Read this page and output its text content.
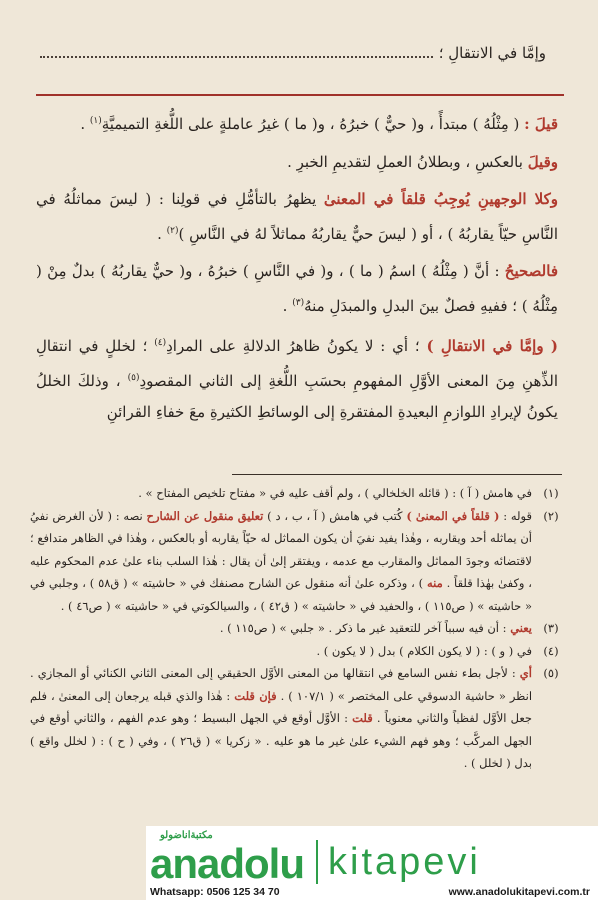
وإمَّا في الانتقالِ ؛

قيلَ : ( مِثْلُهُ ) مبتدأً ، و( حيٌّ ) خبرُهُ ، و( ما ) غيرُ عاملةٍ على اللُّغةِ التميميَّةِ$^{(١)}$ .

وقيلَ بالعكسِ ، وبطلانُ العملِ لتقديمِ الخبرِ .

وكلا الوجهينِ يُوجِبُ قلقاً في المعنىٰ يظهرُ بالتأمُّلِ في قولِنا : ( ليسَ مماثلُهُ في النَّاسِ حيّاً يقاربُهُ ) ، أو ( ليسَ حيٌّ يقاربُهُ مماثلاً لهُ في النَّاسِ )$^{(٢)}$ .

فالصحيحُ : أنَّ ( مِثْلُهُ ) اسمُ ( ما ) ، و( في النَّاسِ ) خبرُهُ ، و( حيٌّ يقاربُهُ ) بدلٌ مِنْ ( مِثْلُهُ ) ؛ ففيهِ فصلٌ بينَ البدلِ والمبدَلِ منهُ$^{(٣)}$ .

( وإمَّا في الانتقالِ ) ؛ أي : لا يكونُ ظاهرُ الدلالةِ على المرادِ$^{(٤)}$ ؛ لخللٍ في انتقالِ الذِّهنِ مِنَ المعنى الأوَّلِ المفهومِ بحسَبِ اللُّغةِ إلى الثاني المقصودِ$^{(٥)}$ ، وذلكَ الخللُ يكونُ لإيرادِ اللوازمِ البعيدةِ المفتقرةِ إلى الوسائطِ الكثيرةِ معَ خفاءِ القرائنِ

(١)
في هامش ( آ ) : ( قائله الخلخالي ) ، ولم أقف عليه في « مفتاح تلخيص المفتاح » .
(٢)
قوله : ( قلقاً في المعنىٰ ) كُتب في هامش ( آ ، ب ، د ) تعليق منقول عن الشارح نصه : ( لأن الغرض نفيُ أن يماثله أحد ويقاربه ، وهٰذا يفيد نفيَ أن يكون المماثل له حيّاً يقاربه أو بالعكس ، وهٰذا في الظاهر متدافع ؛ لاقتضائه وجودَ المماثل والمقارب مع عدمه ، ويفتقر إلىٰ أن يقال : هٰذا السلب بناء علىٰ عدم المحكوم عليه ، وكفىٰ بهٰذا قلقاً . منه ) ، وذكره علىٰ أنه منقول عن الشارح مصنفك في « حاشيته » ( ق٥٨ ) ، وجلبي في « حاشيته » ( ص١١٥ ) ، والحفيد في « حاشيته » ( ق٤٢ ) ، والسيالكوتي في « حاشيته » ( ص٤٦ ) .
(٣)
يعني : أن فيه سبباً آخر للتعقيد غير ما ذكر . « جلبي » ( ص١١٥ ) .
(٤)
في ( و ) : ( لا يكون الكلام ) بدل ( لا يكون ) .
(٥)
أي : لأجل بطء نفس السامع في انتقالها من المعنى الأوَّل الحقيقي إلى المعنى الثاني الكنائي أو المجازي . انظر « حاشية الدسوقي على المختصر » ( ١٠٧/١ ) . فإن قلت : هٰذا والذي قبله يرجعان إلى المعنىٰ ، فلم جعل الأوَّل لفظياً والثاني معنوياً . قلت : الأوَّل أوقع في الجهل البسيط ؛ وهو عدم الفهم ، والثاني أوقع في الجهل المركَّب ؛ وهو فهم الشيء علىٰ غير ما هو عليه . « زكريا » ( ق٢٦ ) ، وفي ( ح ) : ( لخلل واقع ) بدل ( لخلل ) .
مكتبةاناضولو
anadolu kitapevi
Whatsapp: 0506 125 34 70	www.anadolukitapevi.com.tr
